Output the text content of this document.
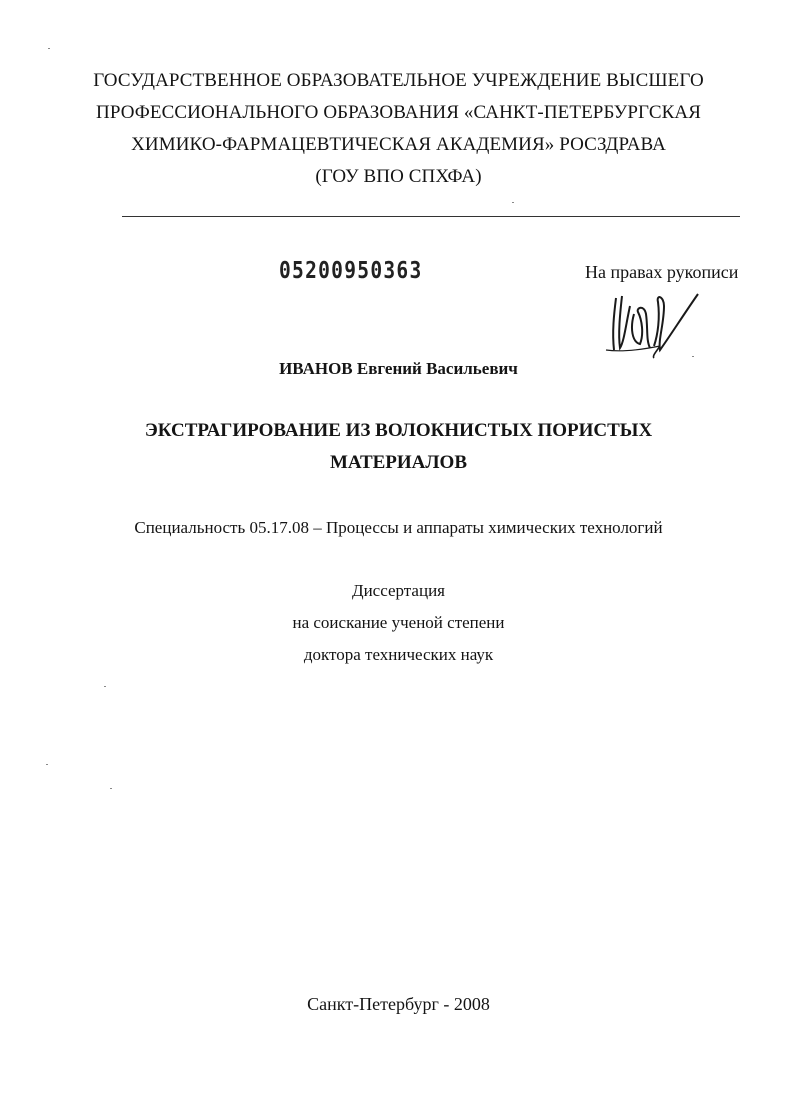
ГОСУДАРСТВЕННОЕ ОБРАЗОВАТЕЛЬНОЕ УЧРЕЖДЕНИЕ ВЫСШЕГО
ПРОФЕССИОНАЛЬНОГО ОБРАЗОВАНИЯ «САНКТ-ПЕТЕРБУРГСКАЯ
ХИМИКО-ФАРМАЦЕВТИЧЕСКАЯ АКАДЕМИЯ» РОСЗДРАВА
(ГОУ ВПО СПХФА)
05200950363	На правах рукописи
ИВАНОВ Евгений Васильевич
ЭКСТРАГИРОВАНИЕ ИЗ ВОЛОКНИСТЫХ ПОРИСТЫХ
МАТЕРИАЛОВ
Специальность 05.17.08 – Процессы и аппараты химических технологий
Диссертация
на соискание ученой степени
доктора технических наук
Санкт-Петербург - 2008
